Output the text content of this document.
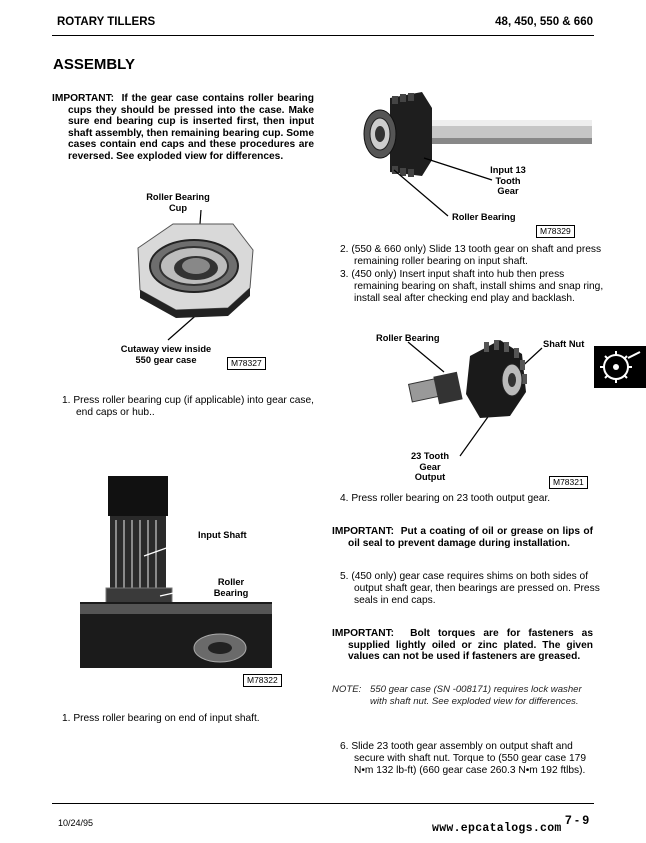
ROTARY TILLERS	48, 450, 550 & 660
ASSEMBLY
IMPORTANT: If the gear case contains roller bearing cups they should be pressed into the case. Make sure end bearing cup is inserted first, then input shaft assembly, then remaining bearing cup. Some cases contain end caps and these procedures are reversed. See exploded view for differences.
Roller Bearing Cup
Cutaway view inside 550 gear case	M78327
1. Press roller bearing cup (if applicable) into gear case, end caps or hub..
Input Shaft
Roller Bearing
M78322
1. Press roller bearing on end of input shaft.
Input 13 Tooth Gear
Roller Bearing
M78329
2. (550 & 660 only) Slide 13 tooth gear on shaft and press remaining roller bearing on input shaft.
3. (450 only) Insert input shaft into hub then press remaining bearing on shaft, install shims and snap ring, install seal after checking end play and backlash.
Roller Bearing
Shaft Nut
23 Tooth Gear Output	M78321
4. Press roller bearing on 23 tooth output gear.
IMPORTANT: Put a coating of oil or grease on lips of oil seal to prevent damage during installation.
5. (450 only) gear case requires shims on both sides of output shaft gear, then bearings are pressed on. Press seals in end caps.
IMPORTANT: Bolt torques are for fasteners as supplied lightly oiled or zinc plated. The given values can not be used if fasteners are greased.
NOTE: 550 gear case (SN -008171) requires lock washer with shaft nut. See exploded view for differences.
6. Slide 23 tooth gear assembly on output shaft and secure with shaft nut. Torque to (550 gear case 179 N•m 132 lb-ft) (660 gear case 260.3 N•m 192 ftlbs).
10/24/95	7 - 9
www.epcatalogs.com
